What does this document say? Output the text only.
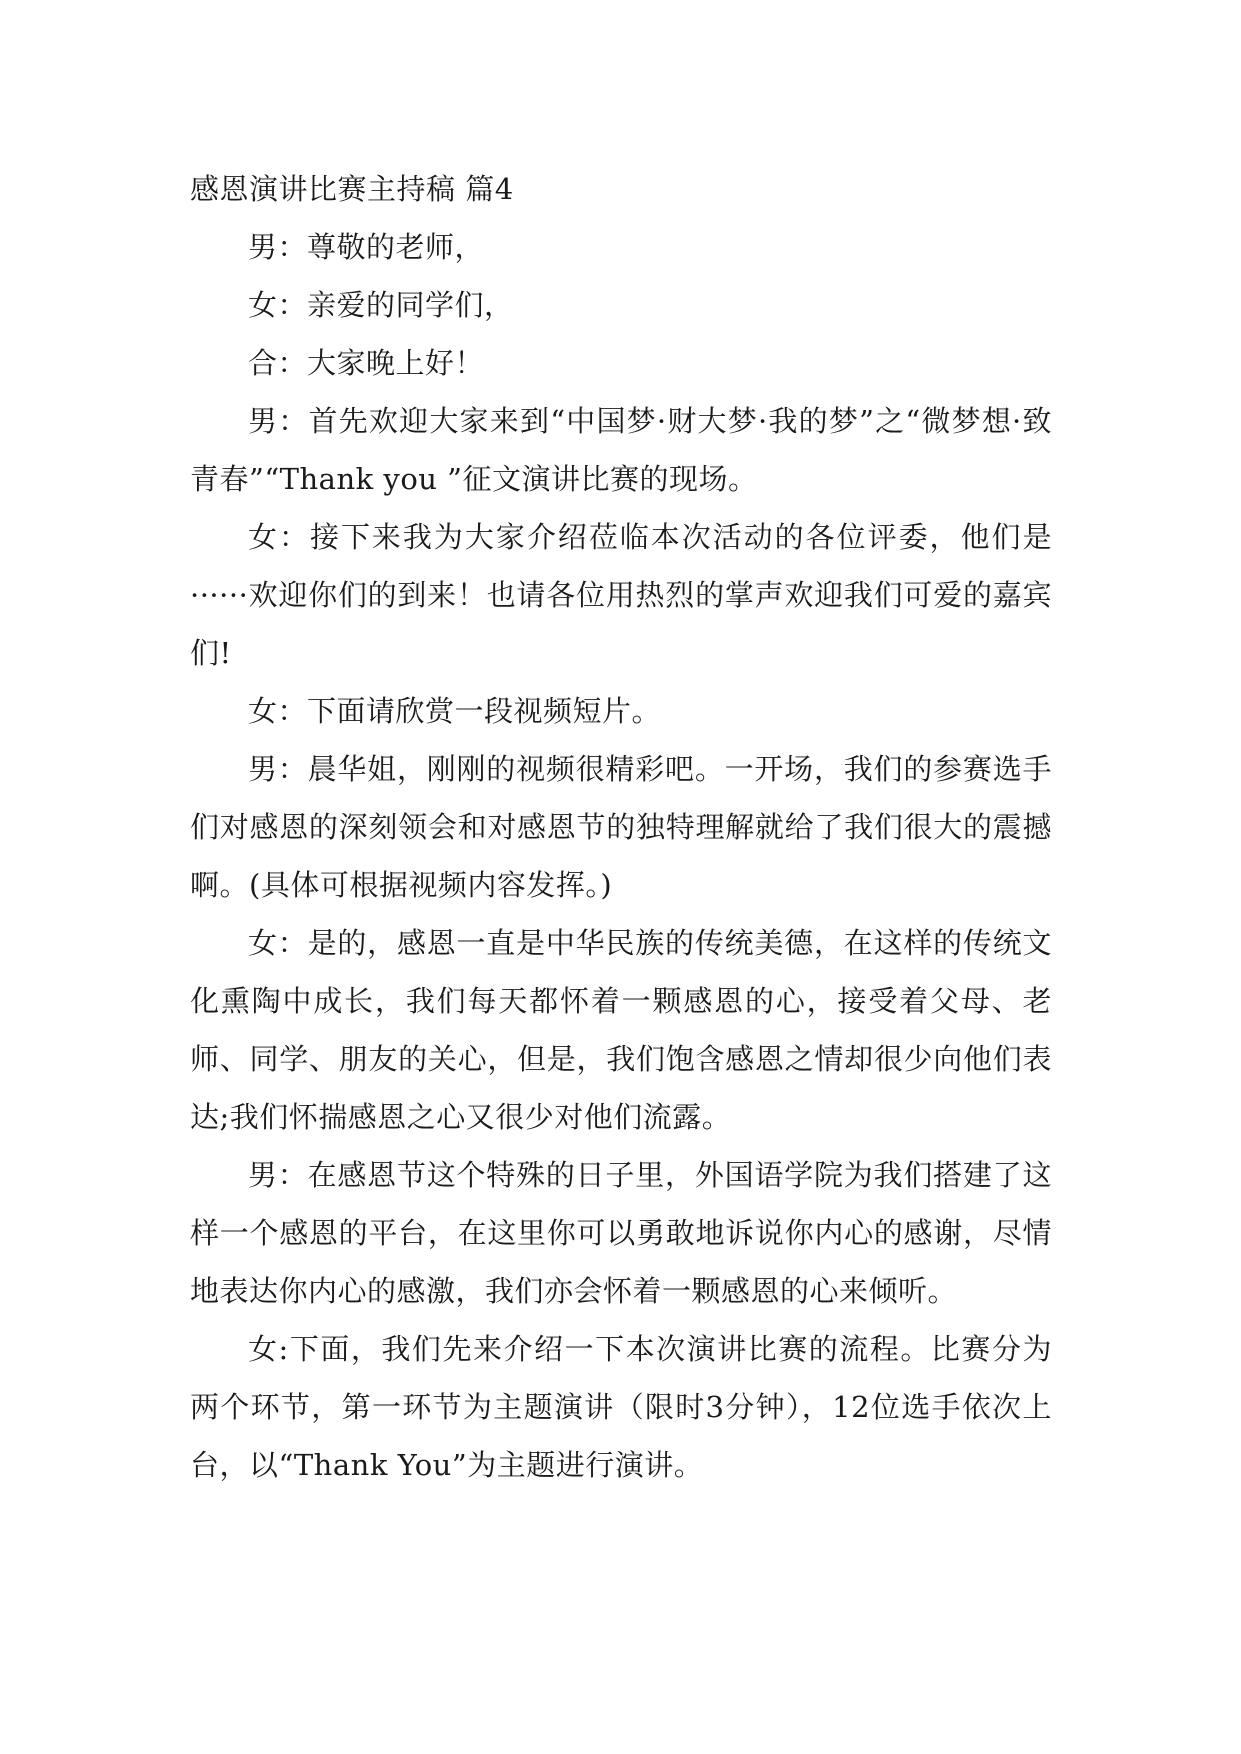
感恩演讲比赛主持稿 篇4

男：尊敬的老师，

女：亲爱的同学们，

合：大家晚上好！

男：首先欢迎大家来到“中国梦·财大梦·我的梦”之“微梦想·致青春”“Thank you ”征文演讲比赛的现场。

女：接下来我为大家介绍莅临本次活动的各位评委，他们是······欢迎你们的到来！也请各位用热烈的掌声欢迎我们可爱的嘉宾们!

女：下面请欣赏一段视频短片。

男：晨华姐，刚刚的视频很精彩吧。一开场，我们的参赛选手们对感恩的深刻领会和对感恩节的独特理解就给了我们很大的震撼啊。(具体可根据视频内容发挥。)

女：是的，感恩一直是中华民族的传统美德，在这样的传统文化熏陶中成长，我们每天都怀着一颗感恩的心，接受着父母、老师、同学、朋友的关心，但是，我们饱含感恩之情却很少向他们表达;我们怀揣感恩之心又很少对他们流露。

男：在感恩节这个特殊的日子里，外国语学院为我们搭建了这样一个感恩的平台，在这里你可以勇敢地诉说你内心的感谢，尽情地表达你内心的感激，我们亦会怀着一颗感恩的心来倾听。

女:下面，我们先来介绍一下本次演讲比赛的流程。比赛分为两个环节，第一环节为主题演讲（限时3分钟），12位选手依次上台，以“Thank You”为主题进行演讲。
